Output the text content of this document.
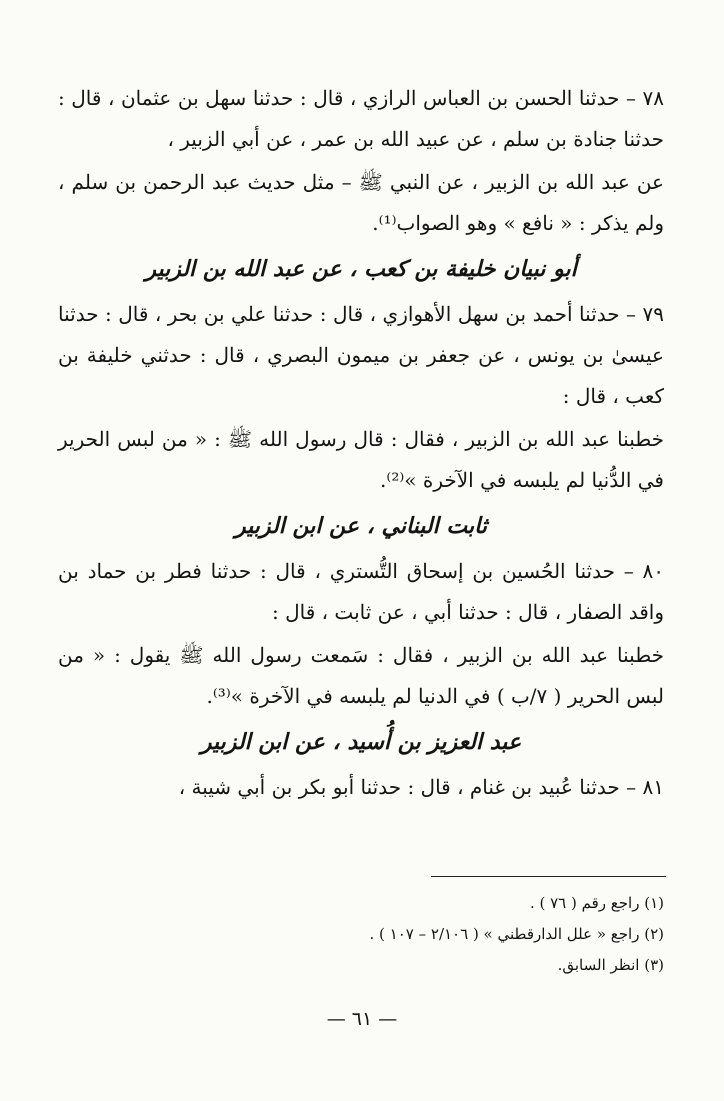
٧٨ – حدثنا الحسن بن العباس الرازي ، قال : حدثنا سهل بن عثمان ، قال : حدثنا جنادة بن سلم ، عن عبيد الله بن عمر ، عن أبي الزبير ،

عن عبد الله بن الزبير ، عن النبي ﷺ – مثل حديث عبد الرحمن بن سلم ، ولم يذكر : « نافع » وهو الصواب⁽¹⁾.

أبو نبيان خليفة بن كعب ، عن عبد الله بن الزبير

٧٩ – حدثنا أحمد بن سهل الأهوازي ، قال : حدثنا علي بن بحر ، قال : حدثنا عيسىٰ بن يونس ، عن جعفر بن ميمون البصري ، قال : حدثني خليفة بن كعب ، قال :

خطبنا عبد الله بن الزبير ، فقال : قال رسول الله ﷺ : « من لبس الحرير في الدُّنيا لم يلبسه في الآخرة »⁽²⁾.

ثابت البناني ، عن ابن الزبير

٨٠ – حدثنا الحُسين بن إسحاق التُّستري ، قال : حدثنا فطر بن حماد بن واقد الصفار ، قال : حدثنا أبي ، عن ثابت ، قال :

خطبنا عبد الله بن الزبير ، فقال : سَمعت رسول الله ﷺ يقول : « من لبس الحرير ( ٧/ب ) في الدنيا لم يلبسه في الآخرة »⁽³⁾.

عبد العزيز بن أُسيد ، عن ابن الزبير

٨١ – حدثنا عُبيد بن غنام ، قال : حدثنا أبو بكر بن أبي شيبة ،

(١) راجع رقم ( ٧٦ ) .

(٢) راجع « علل الدارقطني » ( ٢/١٠٦ – ١٠٧ ) .

(٣) انظر السابق.

— ٦١ —
